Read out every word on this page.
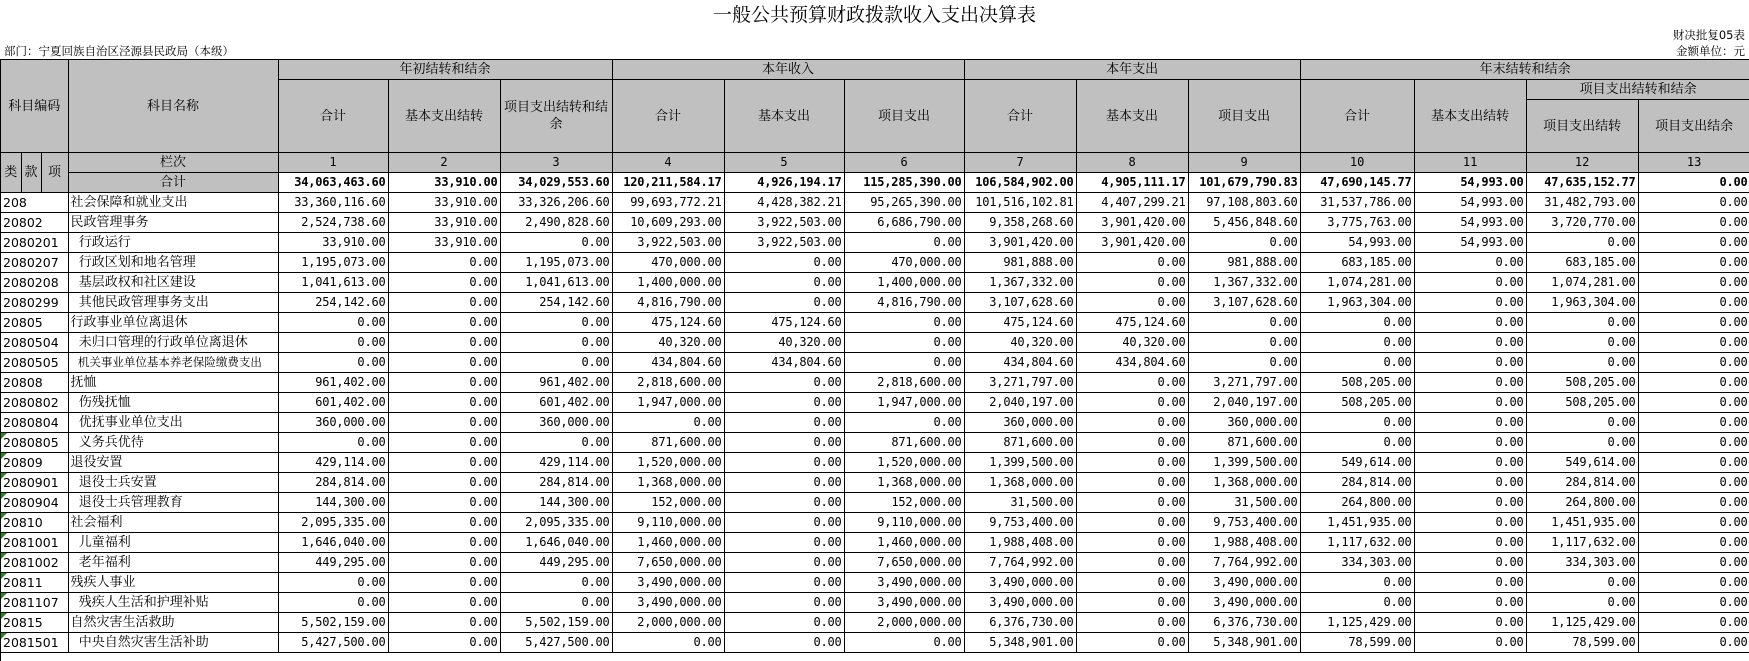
一般公共预算财政拨款收入支出决算表
财决批复05表
部门：宁夏回族自治区泾源县民政局（本级）	金额单位：元
科目编码			科目名称	年初结转和结余			本年收入			本年支出			年末结转和结余			
				合计	基本支出结转	项目支出结转和结余	合计	基本支出	项目支出	合计	基本支出	项目支出	合计	基本支出结转	项目支出结转和结余	
															项目支出结转	项目支出结余
类	款	项	栏次	1	2	3	4	5	6	7	8	9	10	11	12	13
			合计	34,063,463.60	33,910.00	34,029,553.60	120,211,584.17	4,926,194.17	115,285,390.00	106,584,902.00	4,905,111.17	101,679,790.83	47,690,145.77	54,993.00	47,635,152.77	0.00
208			社会保障和就业支出	33,360,116.60	33,910.00	33,326,206.60	99,693,772.21	4,428,382.21	95,265,390.00	101,516,102.81	4,407,299.21	97,108,803.60	31,537,786.00	54,993.00	31,482,793.00	0.00
20802			民政管理事务	2,524,738.60	33,910.00	2,490,828.60	10,609,293.00	3,922,503.00	6,686,790.00	9,358,268.60	3,901,420.00	5,456,848.60	3,775,763.00	54,993.00	3,720,770.00	0.00
2080201			行政运行	33,910.00	33,910.00	0.00	3,922,503.00	3,922,503.00	0.00	3,901,420.00	3,901,420.00	0.00	54,993.00	54,993.00	0.00	0.00
2080207			行政区划和地名管理	1,195,073.00	0.00	1,195,073.00	470,000.00	0.00	470,000.00	981,888.00	0.00	981,888.00	683,185.00	0.00	683,185.00	0.00
2080208			基层政权和社区建设	1,041,613.00	0.00	1,041,613.00	1,400,000.00	0.00	1,400,000.00	1,367,332.00	0.00	1,367,332.00	1,074,281.00	0.00	1,074,281.00	0.00
2080299			其他民政管理事务支出	254,142.60	0.00	254,142.60	4,816,790.00	0.00	4,816,790.00	3,107,628.60	0.00	3,107,628.60	1,963,304.00	0.00	1,963,304.00	0.00
20805			行政事业单位离退休	0.00	0.00	0.00	475,124.60	475,124.60	0.00	475,124.60	475,124.60	0.00	0.00	0.00	0.00	0.00
2080504			未归口管理的行政单位离退休	0.00	0.00	0.00	40,320.00	40,320.00	0.00	40,320.00	40,320.00	0.00	0.00	0.00	0.00	0.00
2080505			机关事业单位基本养老保险缴费支出	0.00	0.00	0.00	434,804.60	434,804.60	0.00	434,804.60	434,804.60	0.00	0.00	0.00	0.00	0.00
20808			抚恤	961,402.00	0.00	961,402.00	2,818,600.00	0.00	2,818,600.00	3,271,797.00	0.00	3,271,797.00	508,205.00	0.00	508,205.00	0.00
2080802			伤残抚恤	601,402.00	0.00	601,402.00	1,947,000.00	0.00	1,947,000.00	2,040,197.00	0.00	2,040,197.00	508,205.00	0.00	508,205.00	0.00
2080804			优抚事业单位支出	360,000.00	0.00	360,000.00	0.00	0.00	0.00	360,000.00	0.00	360,000.00	0.00	0.00	0.00	0.00
2080805			义务兵优待	0.00	0.00	0.00	871,600.00	0.00	871,600.00	871,600.00	0.00	871,600.00	0.00	0.00	0.00	0.00
20809			退役安置	429,114.00	0.00	429,114.00	1,520,000.00	0.00	1,520,000.00	1,399,500.00	0.00	1,399,500.00	549,614.00	0.00	549,614.00	0.00
2080901			退役士兵安置	284,814.00	0.00	284,814.00	1,368,000.00	0.00	1,368,000.00	1,368,000.00	0.00	1,368,000.00	284,814.00	0.00	284,814.00	0.00
2080904			退役士兵管理教育	144,300.00	0.00	144,300.00	152,000.00	0.00	152,000.00	31,500.00	0.00	31,500.00	264,800.00	0.00	264,800.00	0.00
20810			社会福利	2,095,335.00	0.00	2,095,335.00	9,110,000.00	0.00	9,110,000.00	9,753,400.00	0.00	9,753,400.00	1,451,935.00	0.00	1,451,935.00	0.00
2081001			儿童福利	1,646,040.00	0.00	1,646,040.00	1,460,000.00	0.00	1,460,000.00	1,988,408.00	0.00	1,988,408.00	1,117,632.00	0.00	1,117,632.00	0.00
2081002			老年福利	449,295.00	0.00	449,295.00	7,650,000.00	0.00	7,650,000.00	7,764,992.00	0.00	7,764,992.00	334,303.00	0.00	334,303.00	0.00
20811			残疾人事业	0.00	0.00	0.00	3,490,000.00	0.00	3,490,000.00	3,490,000.00	0.00	3,490,000.00	0.00	0.00	0.00	0.00
2081107			残疾人生活和护理补贴	0.00	0.00	0.00	3,490,000.00	0.00	3,490,000.00	3,490,000.00	0.00	3,490,000.00	0.00	0.00	0.00	0.00
20815			自然灾害生活救助	5,502,159.00	0.00	5,502,159.00	2,000,000.00	0.00	2,000,000.00	6,376,730.00	0.00	6,376,730.00	1,125,429.00	0.00	1,125,429.00	0.00
2081501			中央自然灾害生活补助	5,427,500.00	0.00	5,427,500.00	0.00	0.00	0.00	5,348,901.00	0.00	5,348,901.00	78,599.00	0.00	78,599.00	0.00
